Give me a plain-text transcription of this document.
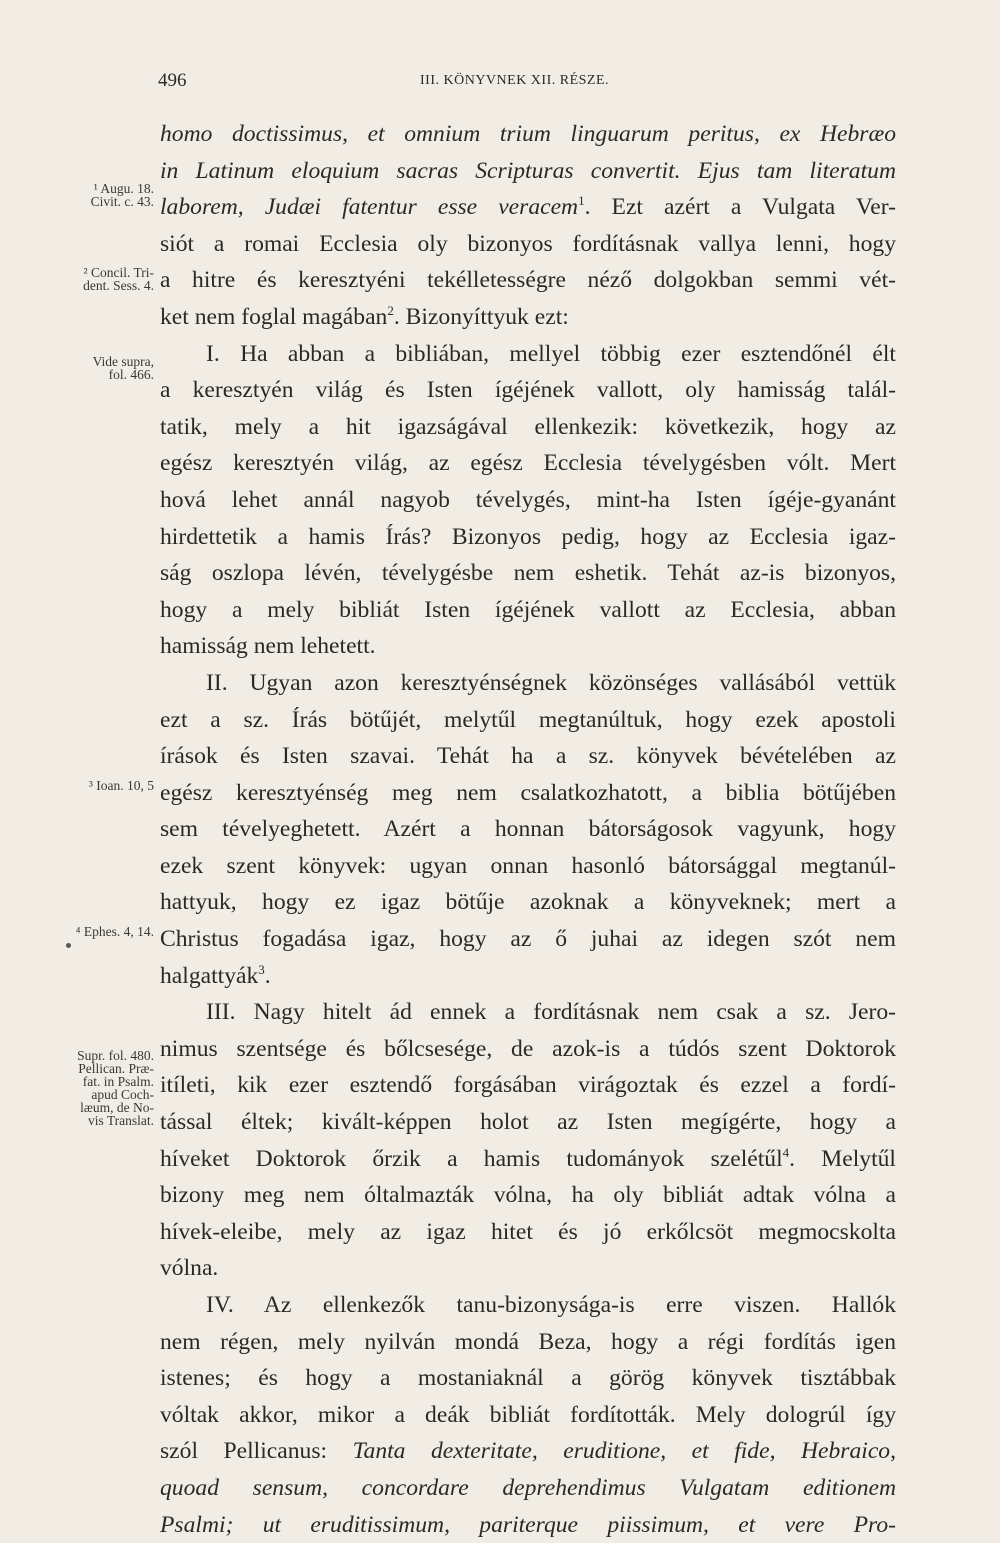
496	III. KÖNYVNEK XII. RÉSZE.
homo doctissimus, et omnium trium linguarum peritus, ex Hebræo
in Latinum eloquium sacras Scripturas convertit. Ejus tam literatum
laborem, Judæi fatentur esse veracem$^1$. Ezt azért a Vulgata Ver-
siót a romai Ecclesia oly bizonyos fordításnak vallya lenni, hogy
a hitre és keresztyéni tekélletességre néző dolgokban semmi vét-
ket nem foglal magában$^2$. Bizonyíttyuk ezt:
I. Ha abban a bibliában, mellyel többig ezer esztendőnél élt
a keresztyén világ és Isten ígéjének vallott, oly hamisság talál-
tatik, mely a hit igazságával ellenkezik: következik, hogy az
egész keresztyén világ, az egész Ecclesia tévelygésben vólt. Mert
hová lehet annál nagyob tévelygés, mint-ha Isten ígéje-gyanánt
hirdettetik a hamis Írás? Bizonyos pedig, hogy az Ecclesia igaz-
ság oszlopa lévén, tévelygésbe nem eshetik. Tehát az-is bizonyos,
hogy a mely bibliát Isten ígéjének vallott az Ecclesia, abban
hamisság nem lehetett.
II. Ugyan azon keresztyénségnek közönséges vallásából vettük
ezt a sz. Írás bötűjét, melytűl megtanúltuk, hogy ezek apostoli
írások és Isten szavai. Tehát ha a sz. könyvek bévételében az
egész keresztyénség meg nem csalatkozhatott, a biblia bötűjében
sem tévelyeghetett. Azért a honnan bátorságosok vagyunk, hogy
ezek szent könyvek: ugyan onnan hasonló bátorsággal megtanúl-
hattyuk, hogy ez igaz bötűje azoknak a könyveknek; mert a
Christus fogadása igaz, hogy az ő juhai az idegen szót nem
halgattyák$^3$.
III. Nagy hitelt ád ennek a fordításnak nem csak a sz. Jero-
nimus szentsége és bőlcsesége, de azok-is a túdós szent Doktorok
itíleti, kik ezer esztendő forgásában virágoztak és ezzel a fordí-
tással éltek; kivált-képpen holot az Isten megígérte, hogy a
híveket Doktorok őrzik a hamis tudományok szelétűl$^4$. Melytűl
bizony meg nem óltalmazták vólna, ha oly bibliát adtak vólna a
hívek-eleibe, mely az igaz hitet és jó erkőlcsöt megmocskolta
vólna.
IV. Az ellenkezők tanu-bizonysága-is erre viszen. Hallók
nem régen, mely nyilván mondá Beza, hogy a régi fordítás igen
istenes; és hogy a mostaniaknál a görög könyvek tisztábbak
vóltak akkor, mikor a deák bibliát fordították. Mely dologrúl így
szól Pellicanus: Tanta dexteritate, eruditione, et fide, Hebraico,
quoad sensum, concordare deprehendimus Vulgatam editionem
Psalmi; ut eruditissimum, pariterque piissimum, et vere Pro-
¹ Augu. 18.
Civit. c. 43.
² Concil. Tri-
dent. Sess. 4.
Vide supra,
fol. 466.
³ Ioan. 10, 5
⁴ Ephes. 4, 14.
Supr. fol. 480.
Pellican. Præ-
fat. in Psalm.
apud Coch-
læum, de No-
vis Translat.
